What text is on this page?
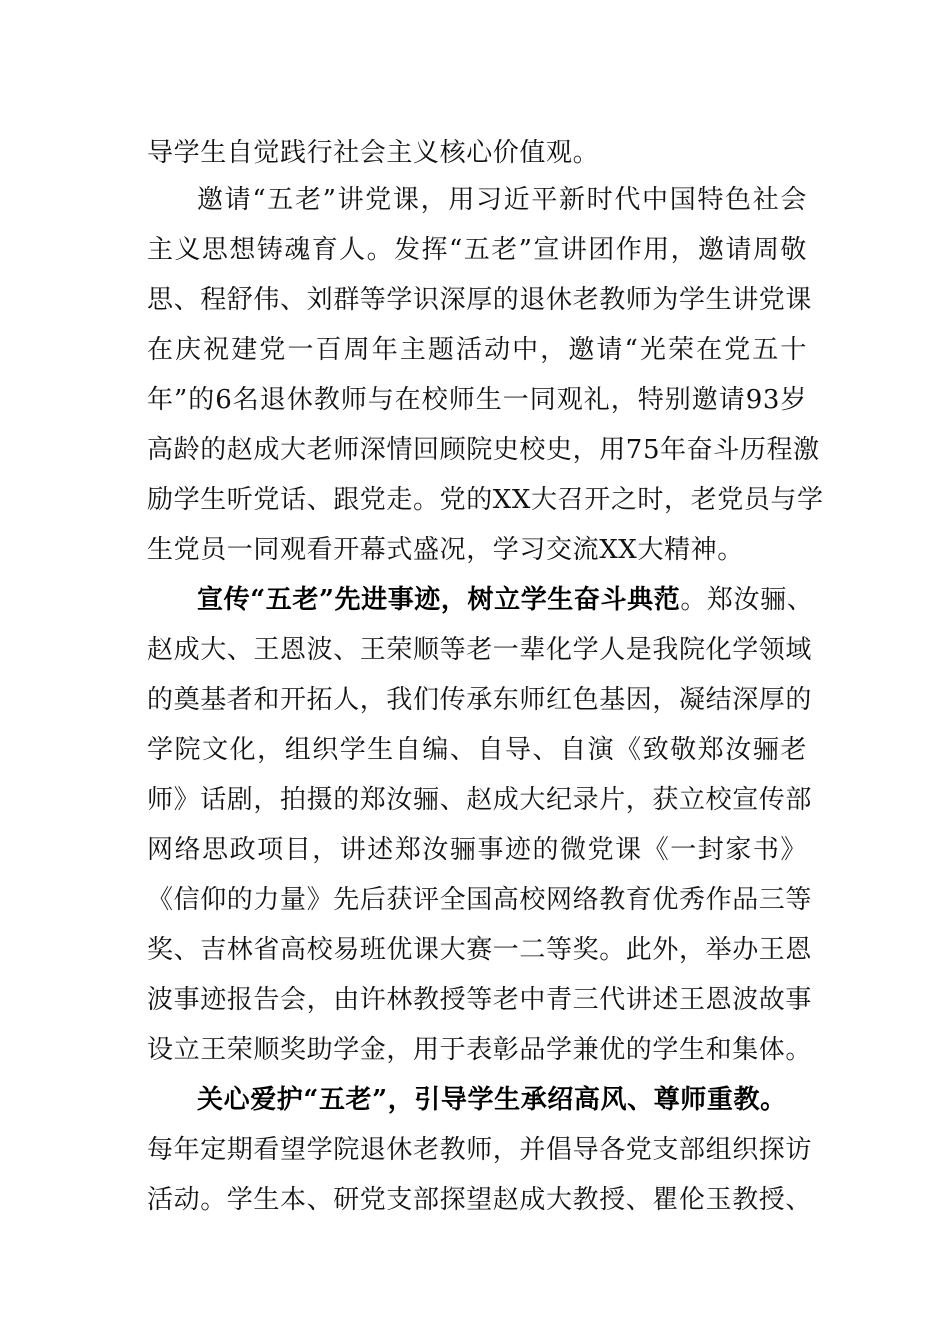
导学生自觉践行社会主义核心价值观。
邀请“五老”讲党课，用习近平新时代中国特色社会
主义思想铸魂育人。发挥“五老”宣讲团作用，邀请周敬
思、程舒伟、刘群等学识深厚的退休老教师为学生讲党课
在庆祝建党一百周年主题活动中，邀请“光荣在党五十
年”的6名退休教师与在校师生一同观礼，特别邀请93岁
高龄的赵成大老师深情回顾院史校史，用75年奋斗历程激
励学生听党话、跟党走。党的XX大召开之时，老党员与学
生党员一同观看开幕式盛况，学习交流XX大精神。
宣传“五老”先进事迹，树立学生奋斗典范。郑汝骊、
赵成大、王恩波、王荣顺等老一辈化学人是我院化学领域
的奠基者和开拓人，我们传承东师红色基因，凝结深厚的
学院文化，组织学生自编、自导、自演《致敬郑汝骊老
师》话剧，拍摄的郑汝骊、赵成大纪录片，获立校宣传部
网络思政项目，讲述郑汝骊事迹的微党课《一封家书》
《信仰的力量》先后获评全国高校网络教育优秀作品三等
奖、吉林省高校易班优课大赛一二等奖。此外，举办王恩
波事迹报告会，由许林教授等老中青三代讲述王恩波故事
设立王荣顺奖助学金，用于表彰品学兼优的学生和集体。
关心爱护“五老”，引导学生承绍高风、尊师重教。
每年定期看望学院退休老教师，并倡导各党支部组织探访
活动。学生本、研党支部探望赵成大教授、瞿伦玉教授、
